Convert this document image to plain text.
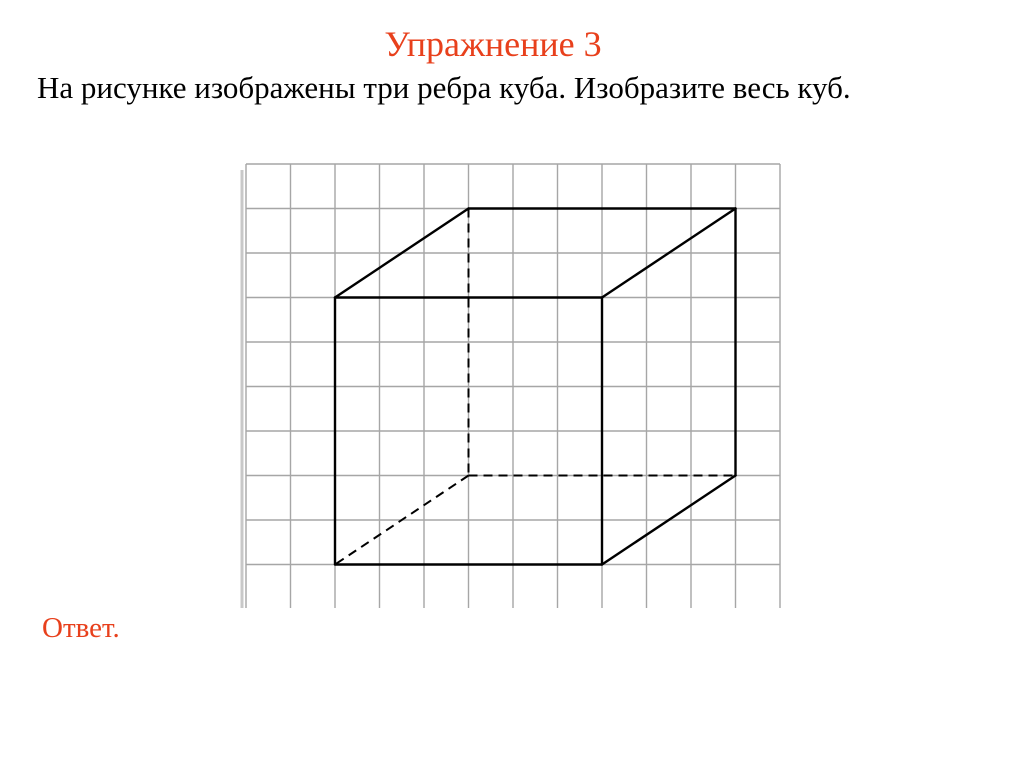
Упражнение 3
На рисунке изображены три ребра куба. Изобразите весь куб.
Ответ.
